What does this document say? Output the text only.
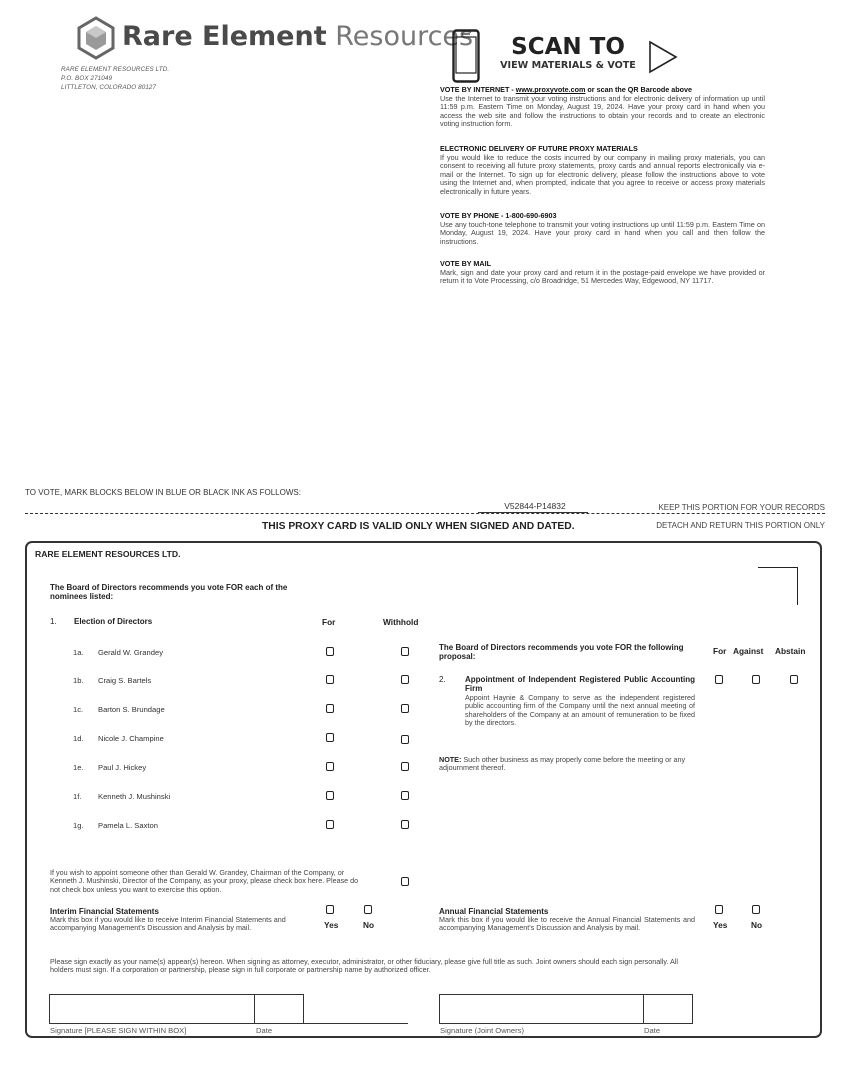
Rare Element Resources
RARE ELEMENT RESOURCES LTD.
P.O. BOX 271049
LITTLETON, COLORADO 80127
SCAN TO
VIEW MATERIALS & VOTE
VOTE BY INTERNET - www.proxyvote.com or scan the QR Barcode above
Use the Internet to transmit your voting instructions and for electronic delivery of information up until 11:59 p.m. Eastern Time on Monday, August 19, 2024. Have your proxy card in hand when you access the web site and follow the instructions to obtain your records and to create an electronic voting instruction form.
ELECTRONIC DELIVERY OF FUTURE PROXY MATERIALS
If you would like to reduce the costs incurred by our company in mailing proxy materials, you can consent to receiving all future proxy statements, proxy cards and annual reports electronically via e-mail or the Internet. To sign up for electronic delivery, please follow the instructions above to vote using the Internet and, when prompted, indicate that you agree to receive or access proxy materials electronically in future years.
VOTE BY PHONE - 1-800-690-6903
Use any touch-tone telephone to transmit your voting instructions up until 11:59 p.m. Eastern Time on Monday, August 19, 2024. Have your proxy card in hand when you call and then follow the instructions.
VOTE BY MAIL
Mark, sign and date your proxy card and return it in the postage-paid envelope we have provided or return it to Vote Processing, c/o Broadridge, 51 Mercedes Way, Edgewood, NY 11717.
TO VOTE, MARK BLOCKS BELOW IN BLUE OR BLACK INK AS FOLLOWS:
V52844-P14832	KEEP THIS PORTION FOR YOUR RECORDS
THIS PROXY CARD IS VALID ONLY WHEN SIGNED AND DATED.	DETACH AND RETURN THIS PORTION ONLY
RARE ELEMENT RESOURCES LTD.
The Board of Directors recommends you vote FOR each of the nominees listed:
1. Election of Directors	For	Withhold
1a. Gerald W. Grandey
1b. Craig S. Bartels
1c. Barton S. Brundage
1d. Nicole J. Champine
1e. Paul J. Hickey
1f. Kenneth J. Mushinski
1g. Pamela L. Saxton
The Board of Directors recommends you vote FOR the following proposal:
For Against Abstain
2. Appointment of Independent Registered Public Accounting Firm
Appoint Haynie & Company to serve as the independent registered public accounting firm of the Company until the next annual meeting of shareholders of the Company at an amount of remuneration to be fixed by the directors.
NOTE: Such other business as may properly come before the meeting or any adjournment thereof.
If you wish to appoint someone other than Gerald W. Grandey, Chairman of the Company, or Kenneth J. Mushinski, Director of the Company, as your proxy, please check box here. Please do not check box unless you want to exercise this option.
Interim Financial Statements
Mark this box if you would like to receive Interim Financial Statements and accompanying Management's Discussion and Analysis by mail.	Yes	No
Annual Financial Statements
Mark this box if you would like to receive the Annual Financial Statements and accompanying Management's Discussion and Analysis by mail.	Yes	No
Please sign exactly as your name(s) appear(s) hereon. When signing as attorney, executor, administrator, or other fiduciary, please give full title as such. Joint owners should each sign personally. All holders must sign. If a corporation or partnership, please sign in full corporate or partnership name by authorized officer.
Signature [PLEASE SIGN WITHIN BOX]	Date	Signature (Joint Owners)	Date
